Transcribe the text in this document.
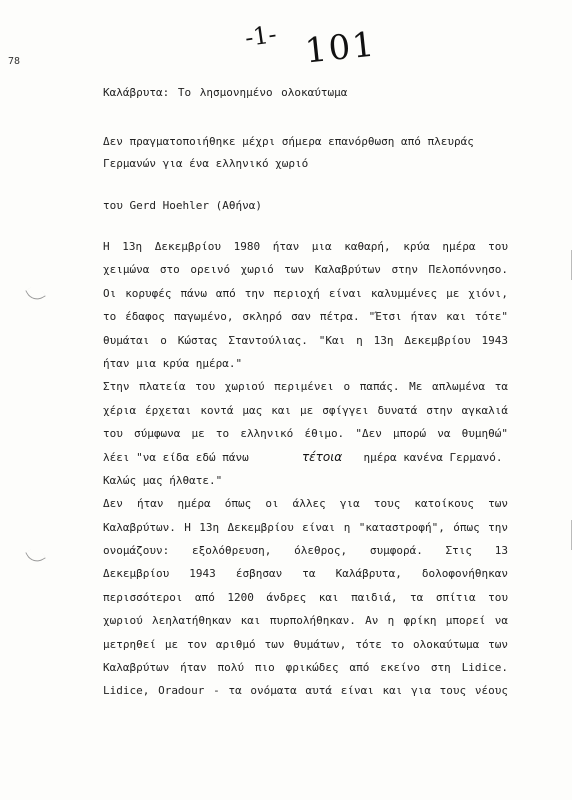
78
-1- 101
Καλάβρυτα: Το λησμονημένο ολοκαύτωμα
Δεν πραγματοποιήθηκε μέχρι σήμερα επανόρθωση από πλευράς
Γερμανών για ένα ελληνικό χωριό
του Gerd Hoehler (Αθήνα)
Η 13η Δεκεμβρίου 1980 ήταν μια καθαρή, κρύα ημέρα του
χειμώνα στο ορεινό χωριό των Καλαβρύτων στην Πελοπόννησο.
Οι κορυφές πάνω από την περιοχή είναι καλυμμένες με χιόνι,
το έδαφος παγωμένο, σκληρό σαν πέτρα. "Έτσι ήταν και τότε"
θυμάται ο Κώστας Σταντούλιας. "Και η 13η Δεκεμβρίου 1943
ήταν μια κρύα ημέρα."
Στην πλατεία του χωριού περιμένει ο παπάς. Με απλωμένα τα
χέρια έρχεται κοντά μας και με σφίγγει δυνατά στην αγκαλιά
του σύμφωνα με το ελληνικό έθιμο. "Δεν μπορώ να θυμηθώ"
λέει "να είδα εδώ πάνω	τέτοια ημέρα κανένα Γερμανό.
Καλώς μας ήλθατε."
Δεν ήταν ημέρα όπως οι άλλες για τους κατοίκους των
Καλαβρύτων. Η 13η Δεκεμβρίου είναι η "καταστροφή", όπως την
ονομάζουν: εξολόθρευση, όλεθρος, συμφορά. Στις 13
Δεκεμβρίου 1943 έσβησαν τα Καλάβρυτα, δολοφονήθηκαν
περισσότεροι από 1200 άνδρες και παιδιά, τα σπίτια του
χωριού λεηλατήθηκαν και πυρπολήθηκαν. Αν η φρίκη μπορεί να
μετρηθεί με τον αριθμό των θυμάτων, τότε το ολοκαύτωμα των
Καλαβρύτων ήταν πολύ πιο φρικώδες από εκείνο στη Lidice.
Lidice, Oradour - τα ονόματα αυτά είναι και για τους νέους
